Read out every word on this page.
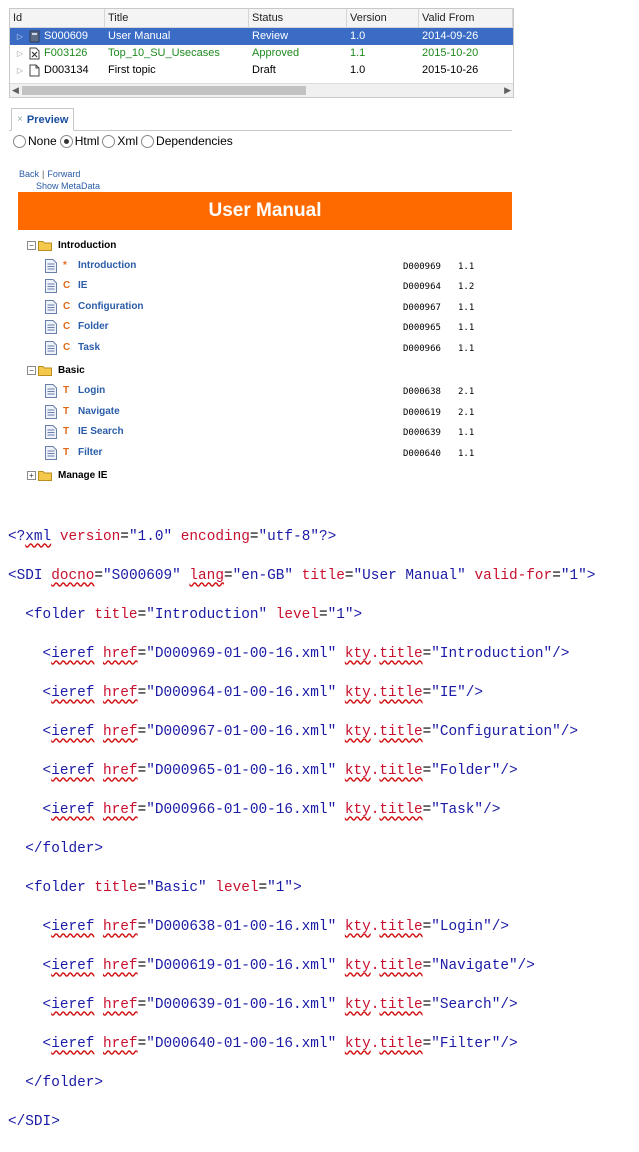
Id	Title	Status	Version	Valid From
▷ S000609 User Manual	Review	1.0	2014-09-26
▷ F003126 Top_10_SU_Usecases	Approved	1.1	2015-10-20
▷ D003134 First topic	Draft	1.0	2015-10-26
◀	▶
× Preview
None Html Xml Dependencies
Back | Forward
Show MetaData
User Manual
− Introduction
* Introduction	D000969 1.1
C IE	D000964 1.2
C Configuration	D000967 1.1
C Folder	D000965 1.1
C Task	D000966 1.1
− Basic
T Login	D000638 2.1
T Navigate	D000619 2.1
T IE Search	D000639 1.1
T Filter	D000640 1.1
+ Manage IE

<?xml version="1.0" encoding="utf-8"?>

<SDI docno="S000609" lang="en-GB" title="User Manual" valid-for="1">

<folder title="Introduction" level="1">

<ieref href="D000969-01-00-16.xml" kty.title="Introduction"/>

<ieref href="D000964-01-00-16.xml" kty.title="IE"/>

<ieref href="D000967-01-00-16.xml" kty.title="Configuration"/>

<ieref href="D000965-01-00-16.xml" kty.title="Folder"/>

<ieref href="D000966-01-00-16.xml" kty.title="Task"/>

</folder>

<folder title="Basic" level="1">

<ieref href="D000638-01-00-16.xml" kty.title="Login"/>

<ieref href="D000619-01-00-16.xml" kty.title="Navigate"/>

<ieref href="D000639-01-00-16.xml" kty.title="Search"/>

<ieref href="D000640-01-00-16.xml" kty.title="Filter"/>

</folder>

</SDI>
